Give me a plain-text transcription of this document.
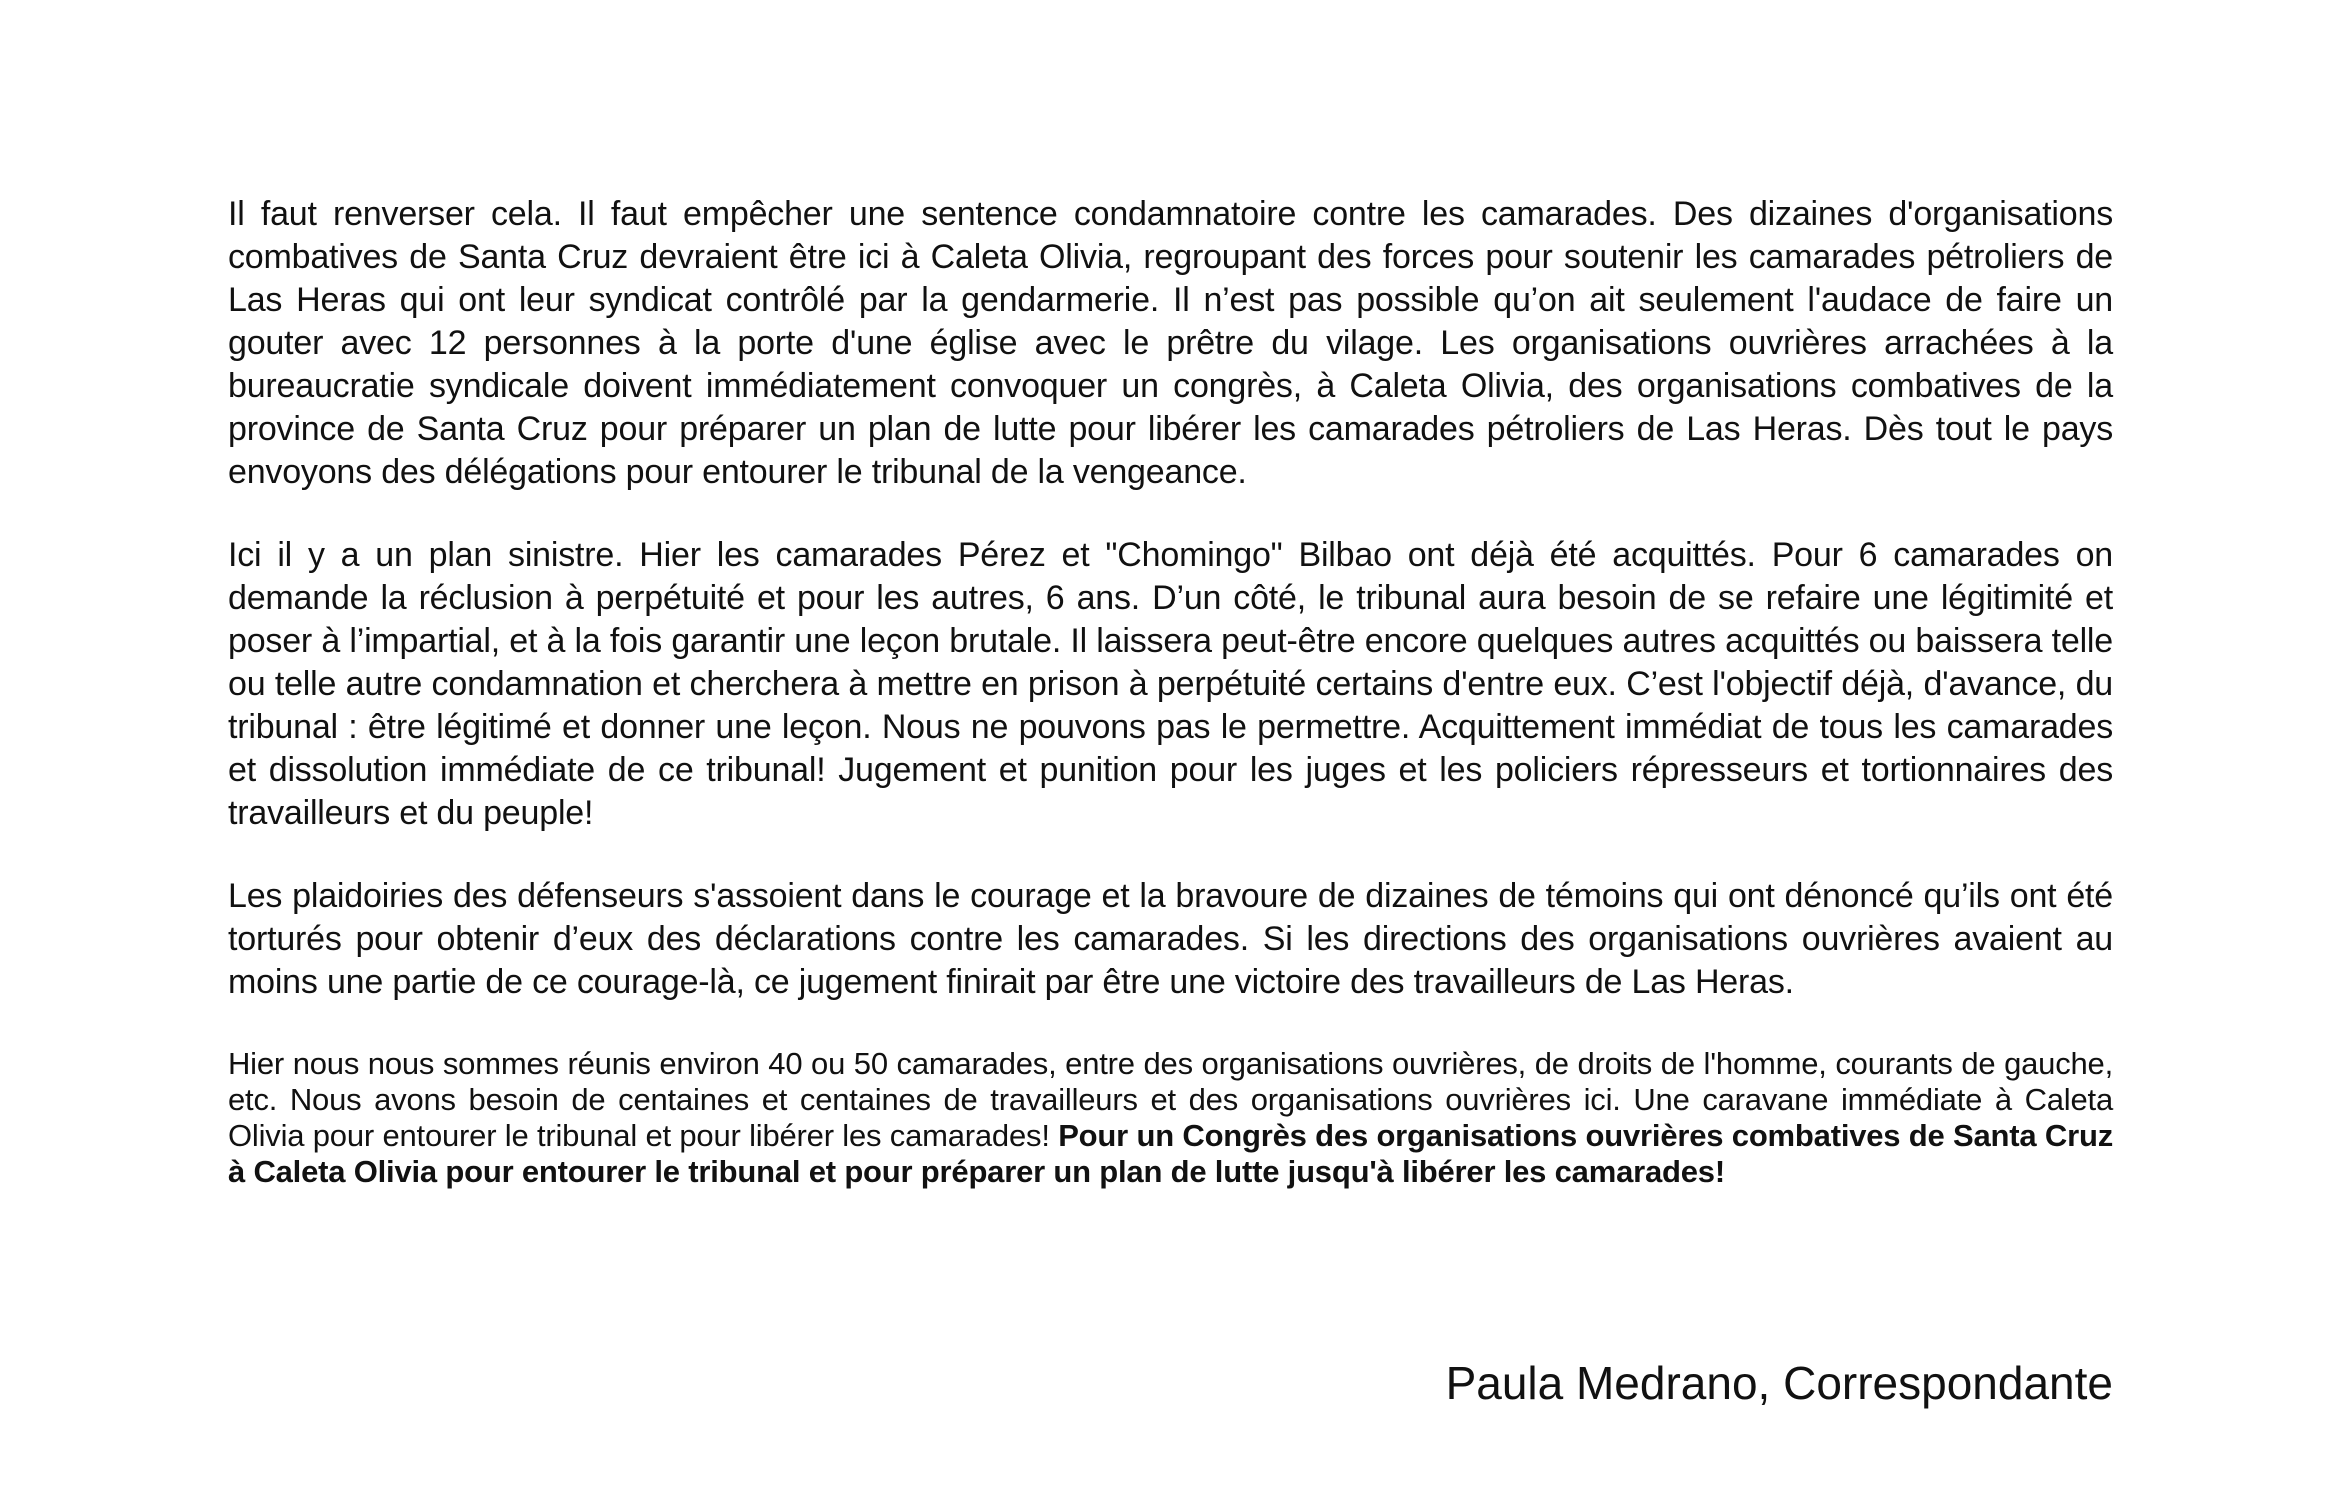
Il faut renverser cela. Il faut empêcher une sentence condamnatoire contre les camarades. Des dizaines d'organisations combatives de Santa Cruz devraient être ici à Caleta Olivia, regroupant des forces pour soutenir les camarades pétroliers de Las Heras qui ont leur syndicat contrôlé par la gendarmerie. Il n’est pas possible qu’on ait seulement l'audace de faire un gouter avec 12 personnes à la porte d'une église avec le prêtre du vilage. Les organisations ouvrières arrachées à la bureaucratie syndicale doivent immédiatement convoquer un congrès, à Caleta Olivia, des organisations combatives de la province de Santa Cruz pour préparer un plan de lutte pour libérer les camarades pétroliers de Las Heras. Dès tout le pays envoyons des délégations pour entourer le tribunal de la vengeance.

Ici il y a un plan sinistre. Hier les camarades Pérez et "Chomingo" Bilbao ont déjà été acquittés. Pour 6 camarades on demande la réclusion à perpétuité et pour les autres, 6 ans. D’un côté, le tribunal aura besoin de se refaire une légitimité et poser à l’impartial, et à la fois garantir une leçon brutale. Il laissera peut-être encore quelques autres acquittés ou baissera telle ou telle autre condamnation et cherchera à mettre en prison à perpétuité certains d'entre eux. C’est l'objectif déjà, d'avance, du tribunal : être légitimé et donner une leçon. Nous ne pouvons pas le permettre. Acquittement immédiat de tous les camarades et dissolution immédiate de ce tribunal! Jugement et punition pour les juges et les policiers répresseurs et tortionnaires des travailleurs et du peuple!

Les plaidoiries des défenseurs s'assoient dans le courage et la bravoure de dizaines de témoins qui ont dénoncé qu’ils ont été torturés pour obtenir d’eux des déclarations contre les camarades. Si les directions des organisations ouvrières avaient au moins une partie de ce courage-là, ce jugement finirait par être une victoire des travailleurs de Las Heras.

Hier nous nous sommes réunis environ 40 ou 50 camarades, entre des organisations ouvrières, de droits de l'homme, courants de gauche, etc. Nous avons besoin de centaines et centaines de travailleurs et des organisations ouvrières ici. Une caravane immédiate à Caleta Olivia pour entourer le tribunal et pour libérer les camarades! Pour un Congrès des organisations ouvrières combatives de Santa Cruz à Caleta Olivia pour entourer le tribunal et pour préparer un plan de lutte jusqu'à libérer les camarades!

Paula Medrano, Correspondante
